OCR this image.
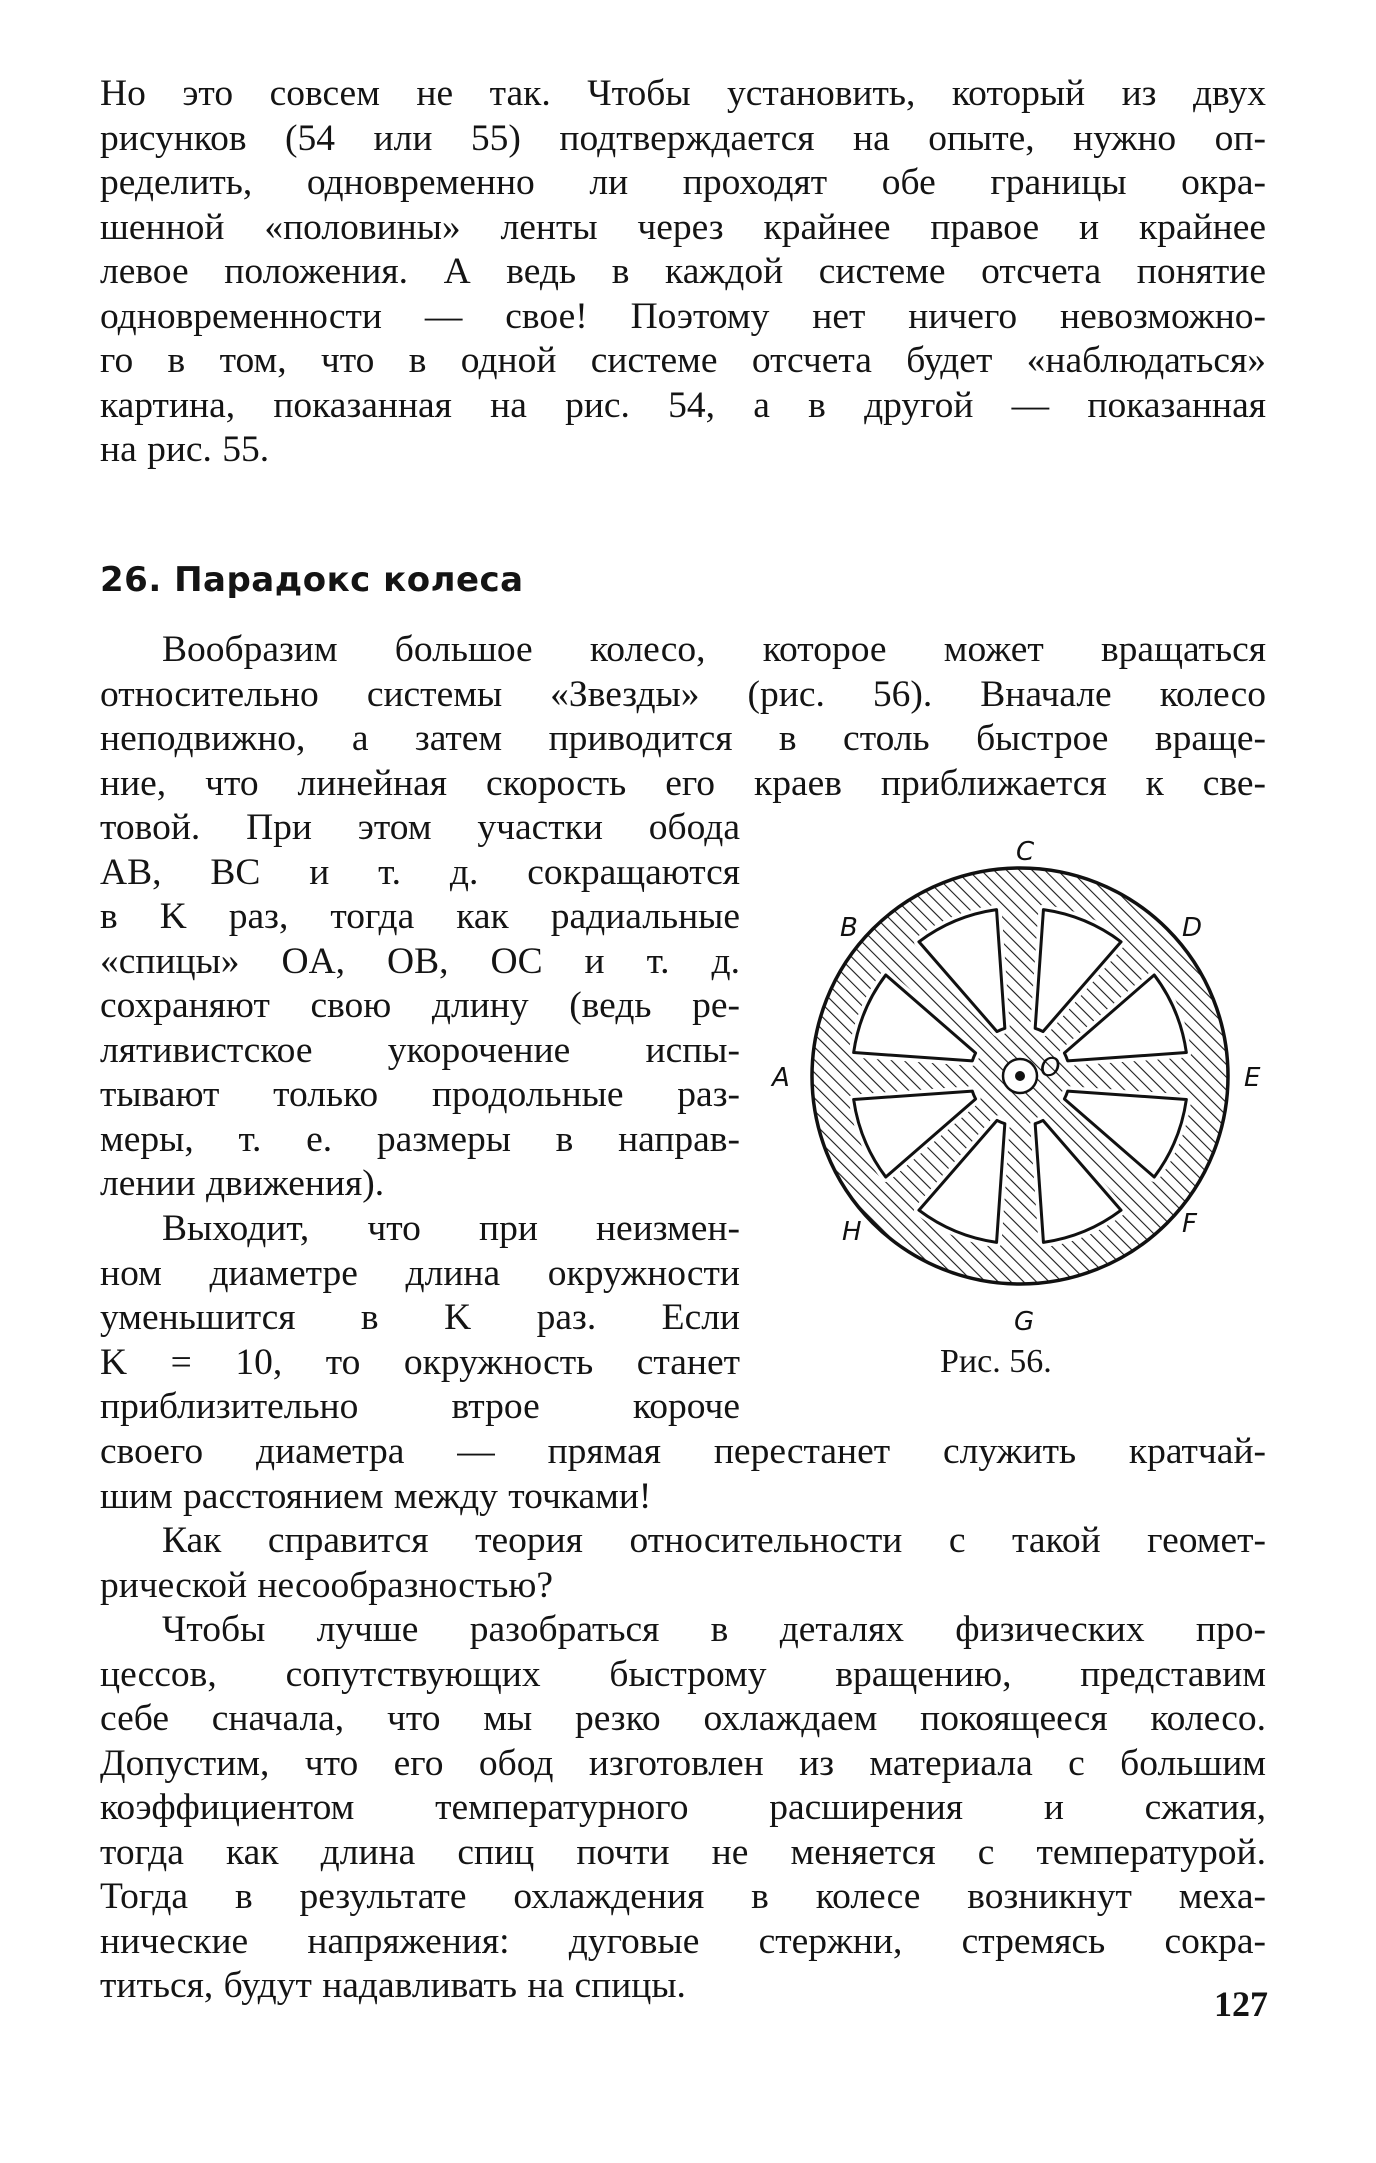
Но это совсем не так. Чтобы установить, который из двух
рисунков (54 или 55) подтверждается на опыте, нужно оп-
ределить, одновременно ли проходят обе границы окра-
шенной «половины» ленты через крайнее правое и крайнее
левое положения. А ведь в каждой системе отсчета понятие
одновременности — свое! Поэтому нет ничего невозможно-
го в том, что в одной системе отсчета будет «наблюдаться»
картина, показанная на рис. 54, а в другой — показанная
на рис. 55.
26. Парадокс колеса
Вообразим большое колесо, которое может вращаться
относительно системы «Звезды» (рис. 56). Вначале колесо
неподвижно, а затем приводится в столь быстрое враще-
ние, что линейная скорость его краев приближается к све-
товой. При этом участки обода
AB, BC и т. д. сокращаются
в K раз, тогда как радиальные
«спицы» OA, OB, OC и т. д.
сохраняют свою длину (ведь ре-
лятивистское укорочение испы-
тывают только продольные раз-
меры, т. е. размеры в направ-
лении движения).
Выходит, что при неизмен-
ном диаметре длина окружности
уменьшится в K раз. Если
K = 10, то окружность станет
приблизительно втрое короче
своего диаметра — прямая перестанет служить кратчай-
шим расстоянием между точками!
Как справится теория относительности с такой геомет-
рической несообразностью?
Чтобы лучше разобраться в деталях физических про-
цессов, сопутствующих быстрому вращению, представим
себе сначала, что мы резко охлаждаем покоящееся колесо.
Допустим, что его обод изготовлен из материала с большим
коэффициентом температурного расширения и сжатия,
тогда как длина спиц почти не меняется с температурой.
Тогда в результате охлаждения в колесе возникнут меха-
нические напряжения: дуговые стержни, стремясь сокра-
титься, будут надавливать на спицы.
C
B	D
A	E
H	F
G
O
Рис. 56.
127
